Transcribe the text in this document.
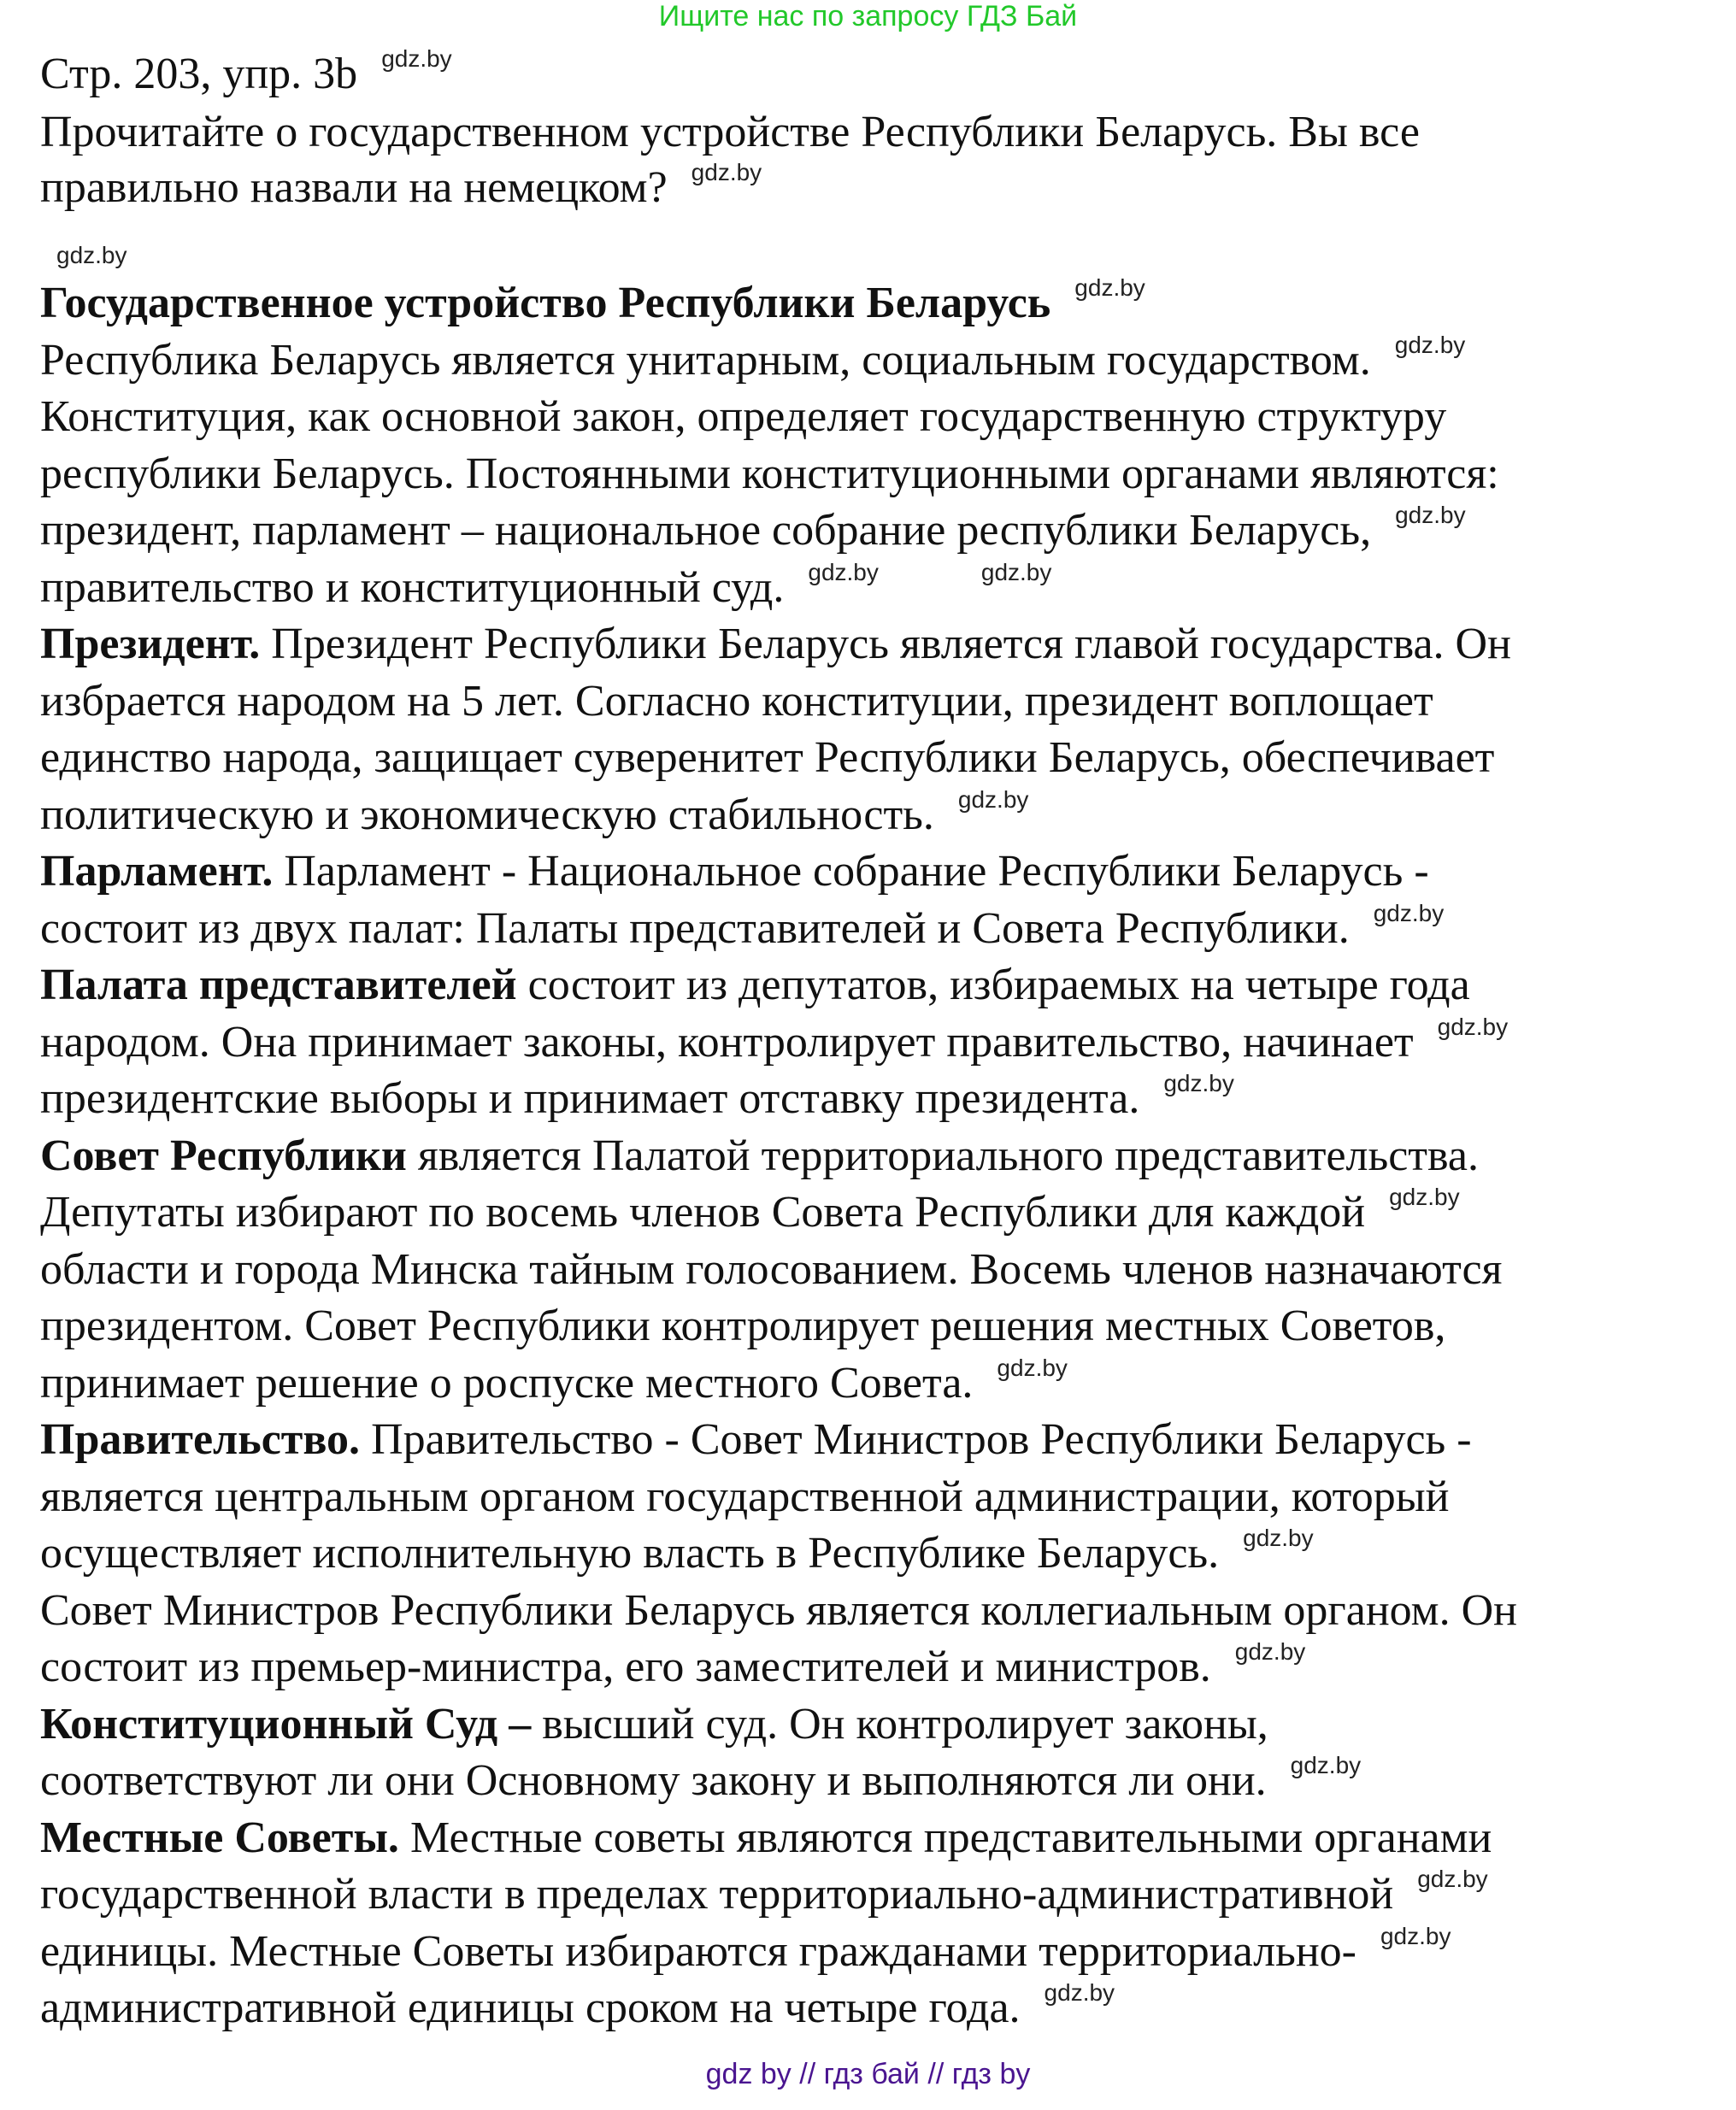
Ищите нас по запросу ГДЗ Бай
Стр. 203, упр. 3b gdz.by
Прочитайте о государственном устройстве Республики Беларусь. Вы все
правильно назвали на немецком? gdz.by
gdz.by
Государственное устройство Республики Беларусь gdz.by
Республика Беларусь является унитарным, социальным государством. gdz.by
Конституция, как основной закон, определяет государственную структуру
республики Беларусь. Постоянными конституционными органами являются:
президент, парламент – национальное собрание республики Беларусь, gdz.by
правительство и конституционный суд. gdz.by	gdz.by
Президент. Президент Республики Беларусь является главой государства. Он
избрается народом на 5 лет. Согласно конституции, президент воплощает
единство народа, защищает суверенитет Республики Беларусь, обеспечивает
политическую и экономическую стабильность. gdz.by
Парламент. Парламент - Национальное собрание Республики Беларусь -
состоит из двух палат: Палаты представителей и Совета Республики. gdz.by
Палата представителей состоит из депутатов, избираемых на четыре года
народом. Она принимает законы, контролирует правительство, начинает gdz.by
президентские выборы и принимает отставку президента. gdz.by
Совет Республики является Палатой территориального представительства.
Депутаты избирают по восемь членов Совета Республики для каждой gdz.by
области и города Минска тайным голосованием. Восемь членов назначаются
президентом. Совет Республики контролирует решения местных Советов,
принимает решение о роспуске местного Совета. gdz.by
Правительство. Правительство - Совет Министров Республики Беларусь -
является центральным органом государственной администрации, который
осуществляет исполнительную власть в Республике Беларусь. gdz.by
Совет Министров Республики Беларусь является коллегиальным органом. Он
состоит из премьер-министра, его заместителей и министров. gdz.by
Конституционный Суд – высший суд. Он контролирует законы,
соответствуют ли они Основному закону и выполняются ли они. gdz.by
Местные Советы. Местные советы являются представительными органами
государственной власти в пределах территориально-административной gdz.by
единицы. Местные Советы избираются гражданами территориально- gdz.by
административной единицы сроком на четыре года. gdz.by
gdz by // гдз бай // гдз by
